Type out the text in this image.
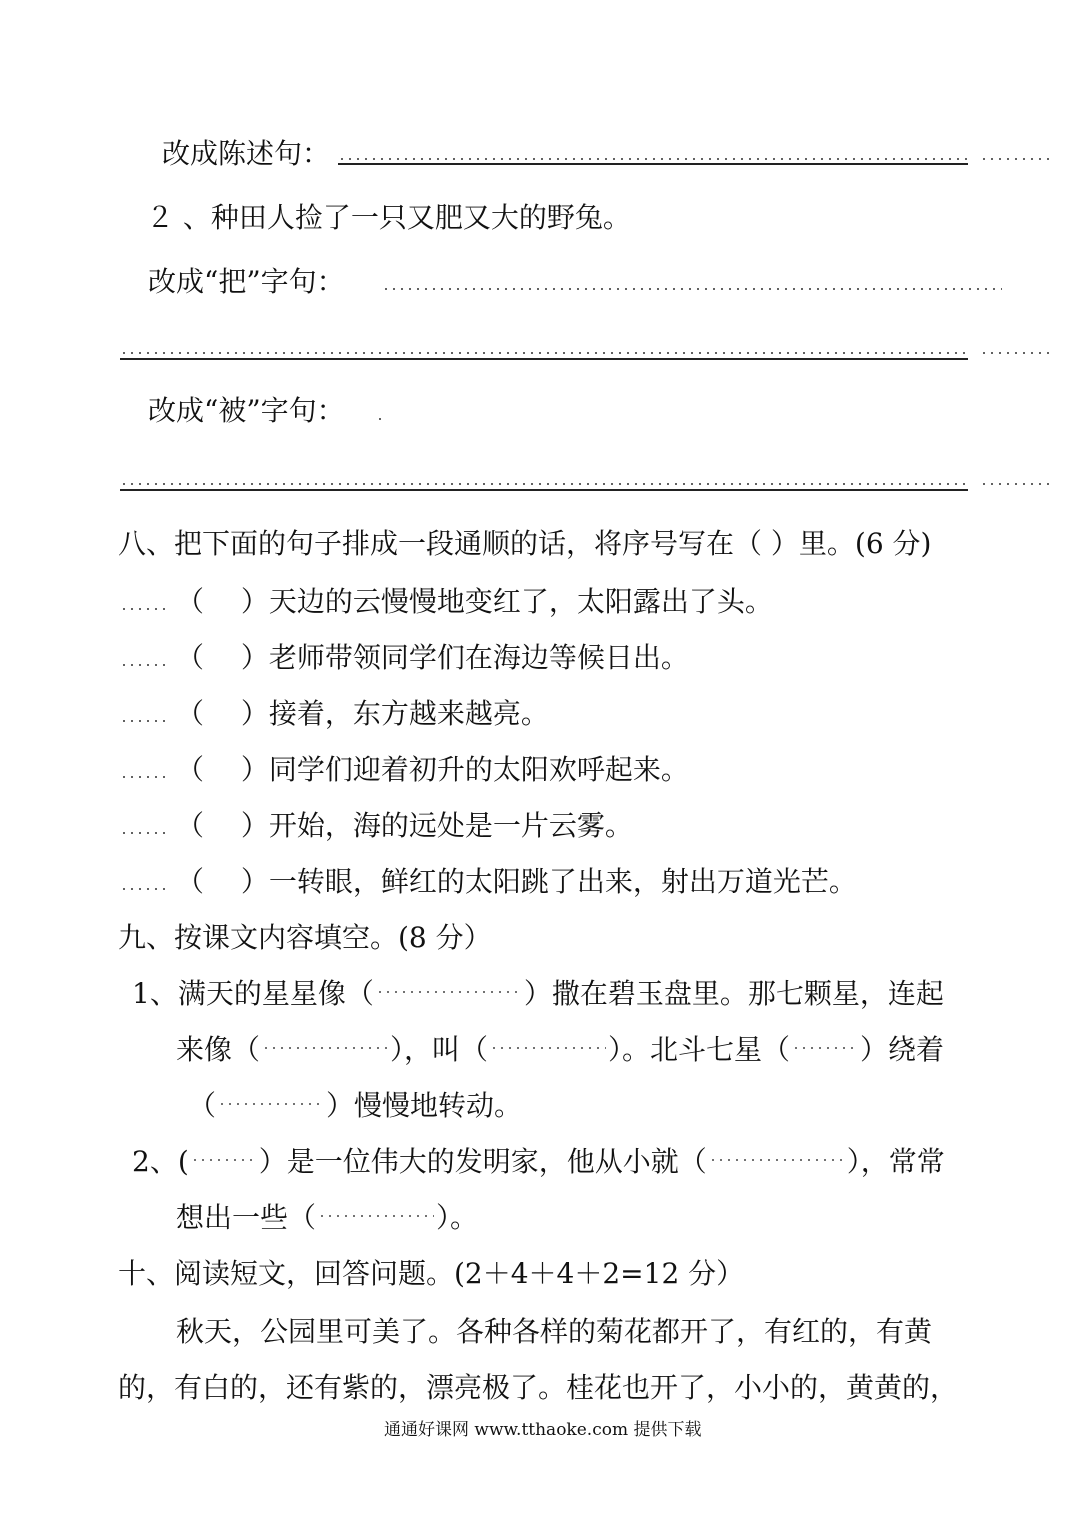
改成陈述句：
２ 、种田人捡了一只又肥又大的野兔。
改成“把”字句：
改成“被”字句：
八、把下面的句子排成一段通顺的话，将序号写在（ ）里。(6 分)
（　 ）天边的云慢慢地变红了，太阳露出了头。
（　 ）老师带领同学们在海边等候日出。
（　 ）接着，东方越来越亮。
（　 ）同学们迎着初升的太阳欢呼起来。
（　 ）开始，海的远处是一片云雾。
（　 ）一转眼，鲜红的太阳跳了出来，射出万道光芒。
九、按课文内容填空。(8 分）
1、满天的星星像（	）撒在碧玉盘里。那七颗星，连起
来像（	），叫（	）。北斗七星（	）绕着
（	）慢慢地转动。
2、(	）是一位伟大的发明家，他从小就（	），常常
想出一些（	）。
十、阅读短文，回答问题。(2＋4＋4＋2=12 分）
秋天，公园里可美了。各种各样的菊花都开了，有红的，有黄
的，有白的，还有紫的，漂亮极了。桂花也开了，小小的，黄黄的，
通通好课网 www.tthaoke.com 提供下载
